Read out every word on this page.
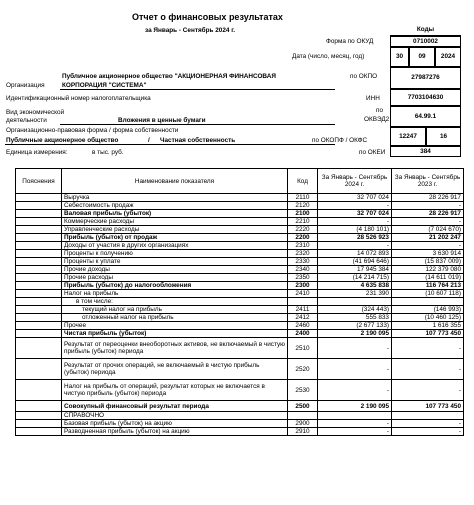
Отчет о финансовых результатах
за Январь - Сентябрь 2024 г.	Коды
Форма по ОКУД	0710002
Дата (число, месяц, год)	30	09	2024
Организация
Публичное акционерное общество "АКЦИОНЕРНАЯ ФИНАНСОВАЯ
КОРПОРАЦИЯ "СИСТЕМА"
по ОКПО	27987276
Идентификационный номер налогоплательщика	ИНН	7703104630
Вид экономической
деятельности	Вложения в ценные бумаги
по
ОКВЭД2	64.99.1
Организационно-правовая форма / форма собственности
Публичные акционерное общество	/ Частная собственность	по ОКОПФ / ОКФС
12247	16
Единица измерения:	в тыс. руб.	по ОКЕИ	384
Пояснения	Наименование показателя	Код	За Январь - Сентябрь 2024 г.	За Январь - Сентябрь 2023 г.
	Выручка	2110	32 707 024	28 226 917
	Себестоимость продаж	2120	-	-
	Валовая прибыль (убыток)	2100	32 707 024	28 226 917
	Коммерческие расходы	2210	-	-
	Управленческие расходы	2220	(4 180 101)	(7 024 670)
	Прибыль (убыток) от продаж	2200	28 526 923	21 202 247
	Доходы от участия в других организациях	2310	-	-
	Проценты к получению	2320	14 072 893	3 630 914
	Проценты к уплате	2330	(41 694 646)	(15 837 009)
	Прочие доходы	2340	17 945 384	122 379 080
	Прочие расходы	2350	(14 214 715)	(14 611 019)
	Прибыль (убыток) до налогообложения	2300	4 635 838	116 764 213
	Налог на прибыль	2410	231 390	(10 607 118)
	в том числе:			
	текущий налог на прибыль	2411	(324 443)	(146 993)
	отложенный налог на прибыль	2412	555 833	(10 460 125)
	Прочее	2460	(2 677 133)	1 616 355
	Чистая прибыль (убыток)	2400	2 190 095	107 773 450
	Результат от переоценки внеоборотных активов, не включаемый в чистую прибыль (убыток) периода	2510	-	-
	Результат от прочих операций, не включаемый в чистую прибыль (убыток) периода	2520	-	-
	Налог на прибыль от операций, результат которых не включается в чистую прибыль (убыток) периода	2530	-	-
	Совокупный финансовый результат периода	2500	2 190 095	107 773 450
	СПРАВОЧНО			
	Базовая прибыль (убыток) на акцию	2900	-	-
	Разводненная прибыль (убыток) на акцию	2910	-	-
